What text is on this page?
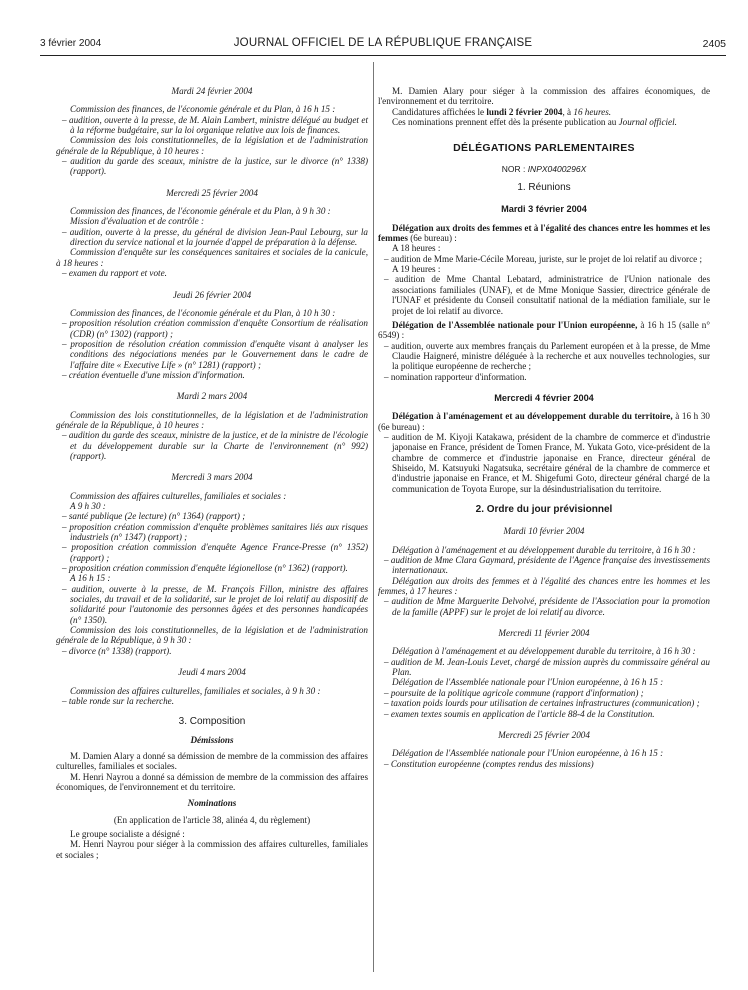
3 février 2004	JOURNAL OFFICIEL DE LA RÉPUBLIQUE FRANÇAISE	2405
Mardi 24 février 2004

Commission des finances, de l'économie générale et du Plan, à 16 h 15 :

– audition, ouverte à la presse, de M. Alain Lambert, ministre délégué au budget et à la réforme budgétaire, sur la loi organique relative aux lois de finances.

Commission des lois constitutionnelles, de la législation et de l'administration générale de la République, à 10 heures :

– audition du garde des sceaux, ministre de la justice, sur le divorce (n° 1338) (rapport).

Mercredi 25 février 2004

Commission des finances, de l'économie générale et du Plan, à 9 h 30 :

Mission d'évaluation et de contrôle :

– audition, ouverte à la presse, du général de division Jean-Paul Lebourg, sur la direction du service national et la journée d'appel de préparation à la défense.

Commission d'enquête sur les conséquences sanitaires et sociales de la canicule, à 18 heures :

– examen du rapport et vote.

Jeudi 26 février 2004

Commission des finances, de l'économie générale et du Plan, à 10 h 30 :

– proposition résolution création commission d'enquête Consortium de réalisation (CDR) (n° 1302) (rapport) ;

– proposition de résolution création commission d'enquête visant à analyser les conditions des négociations menées par le Gouvernement dans le cadre de l'affaire dite « Executive Life » (n° 1281) (rapport) ;

– création éventuelle d'une mission d'information.

Mardi 2 mars 2004

Commission des lois constitutionnelles, de la législation et de l'administration générale de la République, à 10 heures :

– audition du garde des sceaux, ministre de la justice, et de la ministre de l'écologie et du développement durable sur la Charte de l'environnement (n° 992) (rapport).

Mercredi 3 mars 2004

Commission des affaires culturelles, familiales et sociales :

A 9 h 30 :

– santé publique (2e lecture) (n° 1364) (rapport) ;

– proposition création commission d'enquête problèmes sanitaires liés aux risques industriels (n° 1347) (rapport) ;

– proposition création commission d'enquête Agence France-Presse (n° 1352) (rapport) ;

– proposition création commission d'enquête légionellose (n° 1362) (rapport).

A 16 h 15 :

– audition, ouverte à la presse, de M. François Fillon, ministre des affaires sociales, du travail et de la solidarité, sur le projet de loi relatif au dispositif de solidarité pour l'autonomie des personnes âgées et des personnes handicapées (n° 1350).

Commission des lois constitutionnelles, de la législation et de l'administration générale de la République, à 9 h 30 :

– divorce (n° 1338) (rapport).

Jeudi 4 mars 2004

Commission des affaires culturelles, familiales et sociales, à 9 h 30 :

– table ronde sur la recherche.

3. Composition
Démissions

M. Damien Alary a donné sa démission de membre de la commission des affaires culturelles, familiales et sociales.

M. Henri Nayrou a donné sa démission de membre de la commission des affaires économiques, de l'environnement et du territoire.

Nominations

(En application de l'article 38, alinéa 4, du règlement)

Le groupe socialiste a désigné :

M. Henri Nayrou pour siéger à la commission des affaires culturelles, familiales et sociales ;

M. Damien Alary pour siéger à la commission des affaires économiques, de l'environnement et du territoire.

Candidatures affichées le lundi 2 février 2004, à 16 heures.

Ces nominations prennent effet dès la présente publication au Journal officiel.

DÉLÉGATIONS PARLEMENTAIRES
NOR : INPX0400296X
1. Réunions
Mardi 3 février 2004

Délégation aux droits des femmes et à l'égalité des chances entre les hommes et les femmes (6e bureau) :

A 18 heures :

– audition de Mme Marie-Cécile Moreau, juriste, sur le projet de loi relatif au divorce ;

A 19 heures :

– audition de Mme Chantal Lebatard, administratrice de l'Union nationale des associations familiales (UNAF), et de Mme Monique Sassier, directrice générale de l'UNAF et présidente du Conseil consultatif national de la médiation familiale, sur le projet de loi relatif au divorce.

Délégation de l'Assemblée nationale pour l'Union européenne, à 16 h 15 (salle n° 6549) :

– audition, ouverte aux membres français du Parlement européen et à la presse, de Mme Claudie Haigneré, ministre déléguée à la recherche et aux nouvelles technologies, sur la politique européenne de recherche ;

– nomination rapporteur d'information.

Mercredi 4 février 2004

Délégation à l'aménagement et au développement durable du territoire, à 16 h 30 (6e bureau) :

– audition de M. Kiyoji Katakawa, président de la chambre de commerce et d'industrie japonaise en France, président de Tomen France, M. Yukata Goto, vice-président de la chambre de commerce et d'industrie japonaise en France, directeur général de Shiseido, M. Katsuyuki Nagatsuka, secrétaire général de la chambre de commerce et d'industrie japonaise en France, et M. Shigefumi Goto, directeur général chargé de la communication de Toyota Europe, sur la désindustrialisation du territoire.

2. Ordre du jour prévisionnel
Mardi 10 février 2004

Délégation à l'aménagement et au développement durable du territoire, à 16 h 30 :

– audition de Mme Clara Gaymard, présidente de l'Agence française des investissements internationaux.

Délégation aux droits des femmes et à l'égalité des chances entre les hommes et les femmes, à 17 heures :

– audition de Mme Marguerite Delvolvé, présidente de l'Association pour la promotion de la famille (APPF) sur le projet de loi relatif au divorce.

Mercredi 11 février 2004

Délégation à l'aménagement et au développement durable du territoire, à 16 h 30 :

– audition de M. Jean-Louis Levet, chargé de mission auprès du commissaire général au Plan.

Délégation de l'Assemblée nationale pour l'Union européenne, à 16 h 15 :

– poursuite de la politique agricole commune (rapport d'information) ;

– taxation poids lourds pour utilisation de certaines infrastructures (communication) ;

– examen textes soumis en application de l'article 88-4 de la Constitution.

Mercredi 25 février 2004

Délégation de l'Assemblée nationale pour l'Union européenne, à 16 h 15 :

– Constitution européenne (comptes rendus des missions)
